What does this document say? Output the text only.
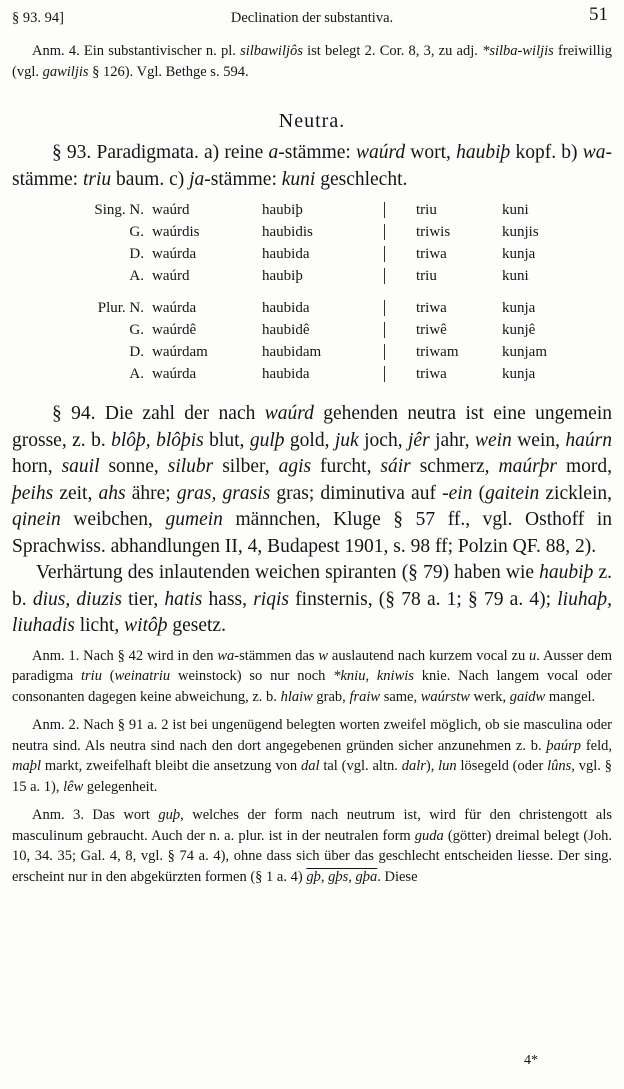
§ 93. 94]	Declination der substantiva.	51

Anm. 4. Ein substantivischer n. pl. silbawiljôs ist belegt 2. Cor. 8, 3, zu adj. *silba-wiljis freiwillig (vgl. gawiljis § 126). Vgl. Bethge s. 594.

Neutra.

§ 93. Paradigmata. a) reine a-stämme: waúrd wort, haubiþ kopf. b) wa-stämme: triu baum. c) ja-stämme: kuni geschlecht.

Sing. N.	waúrd	haubiþ		triu	kuni
G.	waúrdis	haubidis		triwis	kunjis
D.	waúrda	haubida		triwa	kunja
A.	waúrd	haubiþ		triu	kuni

Plur. N.	waúrda	haubida		triwa	kunja
G.	waúrdê	haubidê		triwê	kunjê
D.	waúrdam	haubidam		triwam	kunjam
A.	waúrda	haubida		triwa	kunja

§ 94. Die zahl der nach waúrd gehenden neutra ist eine ungemein grosse, z. b. blôþ, blôþis blut, gulþ gold, juk joch, jêr jahr, wein wein, haúrn horn, sauil sonne, silubr silber, agis furcht, sáir schmerz, maúrþr mord, þeihs zeit, ahs ähre; gras, grasis gras; diminutiva auf -ein (gaitein zicklein, qinein weibchen, gumein männchen, Kluge § 57 ff., vgl. Osthoff in Sprachwiss. abhandlungen II, 4, Budapest 1901, s. 98 ff; Polzin QF. 88, 2).

Verhärtung des inlautenden weichen spiranten (§ 79) haben wie haubiþ z. b. dius, diuzis tier, hatis hass, riqis finsternis, (§ 78 a. 1; § 79 a. 4); liuhaþ, liuhadis licht, witôþ gesetz.

Anm. 1. Nach § 42 wird in den wa-stämmen das w auslautend nach kurzem vocal zu u. Ausser dem paradigma triu (weinatriu weinstock) so nur noch *kniu, kniwis knie. Nach langem vocal oder consonanten dagegen keine abweichung, z. b. hlaiw grab, fraiw same, waúrstw werk, gaidw mangel.

Anm. 2. Nach § 91 a. 2 ist bei ungenügend belegten worten zweifel möglich, ob sie masculina oder neutra sind. Als neutra sind nach den dort angegebenen gründen sicher anzunehmen z. b. þaúrp feld, maþl markt, zweifelhaft bleibt die ansetzung von dal tal (vgl. altn. dalr), lun lösegeld (oder lûns, vgl. § 15 a. 1), lêw gelegenheit.

Anm. 3. Das wort guþ, welches der form nach neutrum ist, wird für den christengott als masculinum gebraucht. Auch der n. a. plur. ist in der neutralen form guda (götter) dreimal belegt (Joh. 10, 34. 35; Gal. 4, 8, vgl. § 74 a. 4), ohne dass sich über das geschlecht entscheiden liesse. Der sing. erscheint nur in den abgekürzten formen (§ 1 a. 4) gþ, gþs, gþa. Diese

4*
